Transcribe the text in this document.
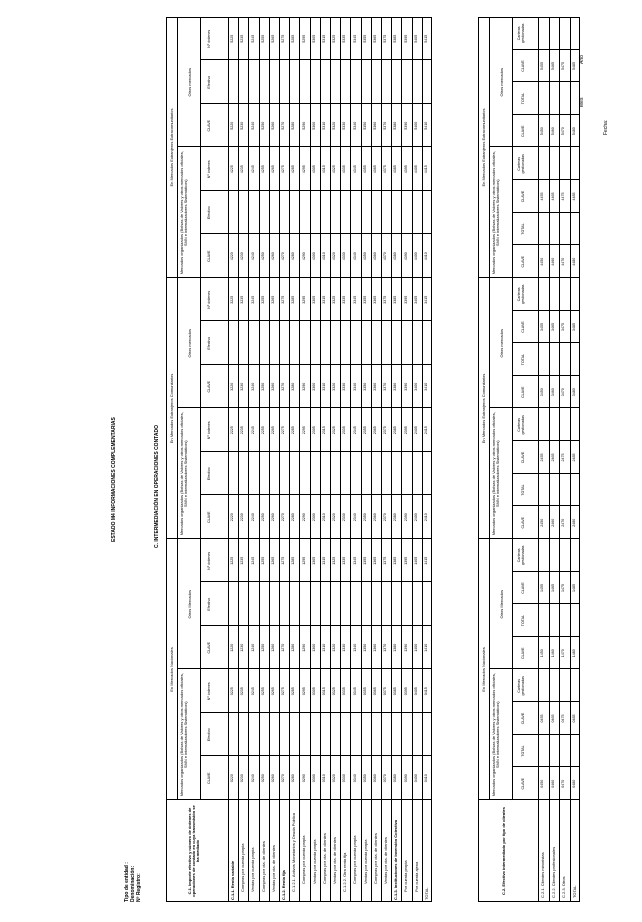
Tipo de entidad : Denominación: Nº Registro:
Fecha:
Mes
Año
ESTADO M4 INFORMACIONES COMPLEMENTARIAS	C. INTERMEDIACIÓN EN OPERACIONES CONTADO
C.1. Importe efectivo y número de órdenes de operaciones de contado en cuya transmisión se ha mediado
En Mercados Nacionales
En Mercados Extranjeros Comunitarios
En Mercados Extranjeros Extracomunitarios
Mercados organizados (Bolsas de Valores y otros mercados oficiales, SMN e internalizadores Sistemáticos)
Otros Mercados
Mercados organizados (Bolsas de Valores y otros mercados oficiales, SMN e internalizadores Sistemáticos)
Otros mercados
Mercados organizados (Bolsas de Valores y otros mercados oficiales, SMN e internalizadores Sistemáticos)
Otros mercados
CLAVE
Efectivo
Nº órdenes
CLAVE
Efectivo
Nº órdenes
CLAVE
Efectivo
Nº órdenes
CLAVE
Efectivo
Nº órdenes
CLAVE
Efectivo
Nº órdenes
CLAVE
Efectivo
Nº órdenes
C.1.1. Renta variable
0220
0225
1220
1225
2220
2225
3220
3225
4220
4225
5220
5225
Compras por cuenta propia
0230
0235
1230
1235
2230
2235
3230
3235
4230
4235
5230
5235
Ventas por cuenta propia
0240
0245
1240
1245
2240
2245
3240
3245
4240
4245
5240
5245
Compras por cta. de clientes
0250
0255
1250
1255
2250
2255
3250
3255
4250
4255
5250
5255
Ventas por cta. de clientes
0260
0265
1260
1265
2260
2265
3260
3265
4260
4265
5260
5265
C.1.2. Renta fija
0270
0275
1270
1275
2270
2275
3270
3275
4270
4275
5270
5275
C.1.2.1. Activos Monetarios y Deuda Pública
0280
0285
1280
1285
2280
2285
3280
3285
4280
4285
5280
5285
Compras por cuenta propia
0290
0295
1290
1295
2290
2295
3290
3295
4290
4295
5290
5295
Ventas por cuenta propia
0300
0305
1300
1305
2300
2305
3300
3305
4300
4305
5300
5305
Compras por cta. de clientes
0310
0315
1310
1315
2310
2315
3310
3315
4310
4315
5310
5315
Ventas por cta. de clientes
0320
0325
1320
1325
2320
2325
3320
3325
4320
4325
5320
5325
C.1.2.2. Otra renta fija
0330
0335
1330
1335
2330
2335
3330
3335
4330
4335
5330
5335
Compras por cuenta propia
0340
0345
1340
1345
2340
2345
3340
3345
4340
4345
5340
5345
Ventas por cuenta propia
0350
0355
1350
1355
2350
2355
3350
3355
4350
4355
5350
5355
Compras por cta. de clientes
0360
0365
1360
1365
2360
2365
3360
3365
4360
4365
5360
5365
Ventas por cta. de clientes
0370
0375
1370
1375
2370
2375
3370
3375
4370
4375
5370
5375
C.1.3. Instituciones de Inversión Colectiva
0380
0385
1380
1385
2380
2385
3380
3385
4380
4385
5380
5385
Por cuenta propia
0390
0395
1390
1395
2390
2395
3390
3395
4390
4395
5390
5395
Por cuenta ajena
0400
0405
1400
1405
2400
2405
3400
3405
4400
4405
5400
5405
TOTAL
0410
0415
1410
1415
2410
2415
3410
3415
4410
4415
5410
5415
C.2. Efectivo intermediado por tipo de clientes
En Mercados Nacionales
En Mercados Extranjeros Comunitarios
En Mercados Extranjeros Extracomunitarios
Mercados organizados (Bolsas de Valores y otros mercados oficiales, SMN e internalizadores Sistemáticos)
Otros Mercados
Mercados organizados (Bolsas de Valores y otros mercados oficiales, SMN e internalizadores Sistemáticos)
Otros mercados
Mercados organizados (Bolsas de Valores y otros mercados oficiales, SMN e internalizadores Sistemáticos)
Otros mercados
CLAVE
TOTAL
CLAVE
Carteras gestionadas
CLAVE
TOTAL
CLAVE
Carteras gestionadas
CLAVE
TOTAL
CLAVE
Carteras gestionadas
CLAVE
TOTAL
CLAVE
Carteras gestionadas
CLAVE
TOTAL
CLAVE
Carteras gestionadas
CLAVE
TOTAL
CLAVE
Carteras gestionadas
C.2.1. Clientes minoristas
0450
0455
1450
1455
2450
2455
3450
3455
4450
4455
5450
5455
C.2.2. Clientes profesionales
0460
0465
1460
1465
2460
2465
3460
3465
4460
4465
5460
5465
C.2.3. Otros
0470
0475
1470
1475
2470
2475
3470
3475
4470
4475
5470
5475
TOTAL
0480
0485
1480
1485
2480
2485
3480
3485
4480
4485
5480
5485
